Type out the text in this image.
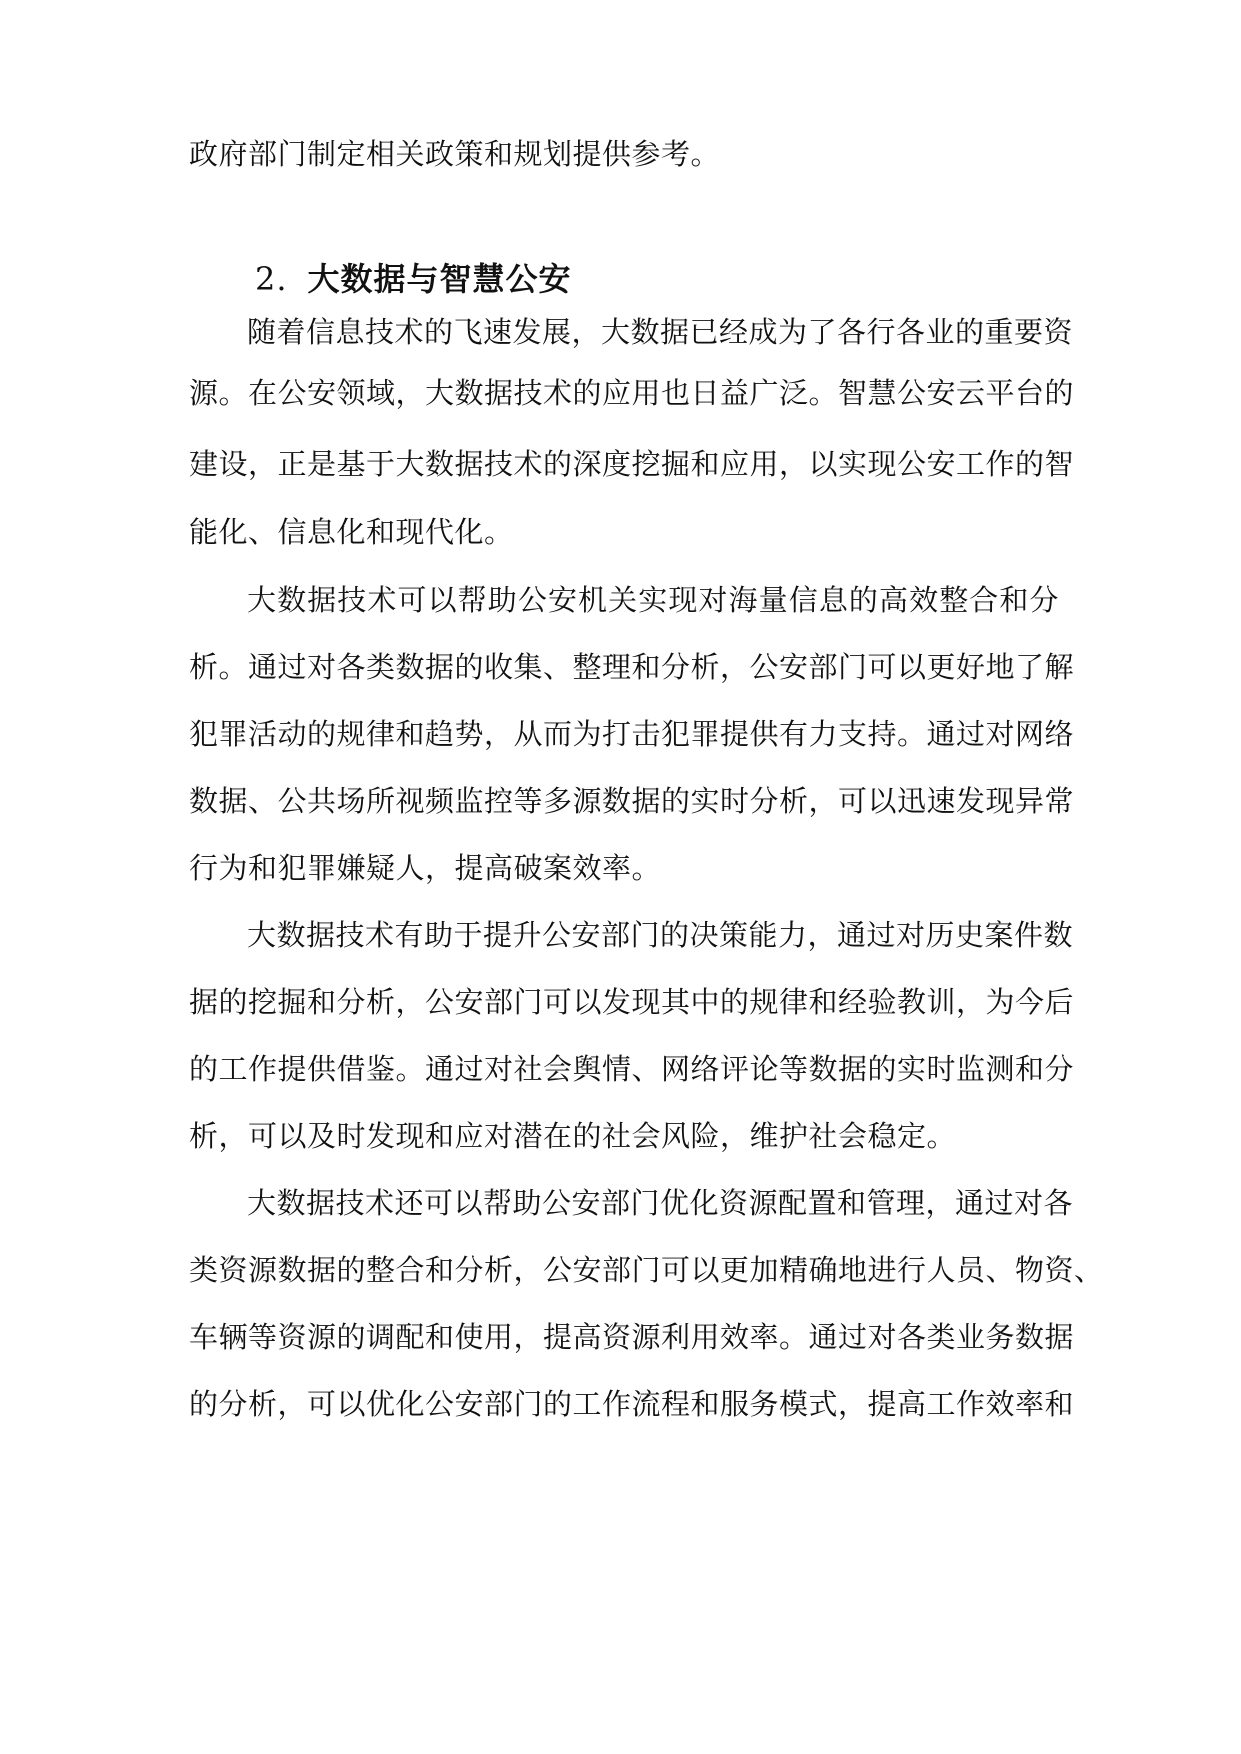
政府部门制定相关政策和规划提供参考。
2. 大数据与智慧公安
随着信息技术的飞速发展，大数据已经成为了各行各业的重要资
源。在公安领域，大数据技术的应用也日益广泛。智慧公安云平台的
建设，正是基于大数据技术的深度挖掘和应用，以实现公安工作的智
能化、信息化和现代化。
大数据技术可以帮助公安机关实现对海量信息的高效整合和分
析。通过对各类数据的收集、整理和分析，公安部门可以更好地了解
犯罪活动的规律和趋势，从而为打击犯罪提供有力支持。通过对网络
数据、公共场所视频监控等多源数据的实时分析，可以迅速发现异常
行为和犯罪嫌疑人，提高破案效率。
大数据技术有助于提升公安部门的决策能力，通过对历史案件数
据的挖掘和分析，公安部门可以发现其中的规律和经验教训，为今后
的工作提供借鉴。通过对社会舆情、网络评论等数据的实时监测和分
析，可以及时发现和应对潜在的社会风险，维护社会稳定。
大数据技术还可以帮助公安部门优化资源配置和管理，通过对各
类资源数据的整合和分析，公安部门可以更加精确地进行人员、物资、
车辆等资源的调配和使用，提高资源利用效率。通过对各类业务数据
的分析，可以优化公安部门的工作流程和服务模式，提高工作效率和
